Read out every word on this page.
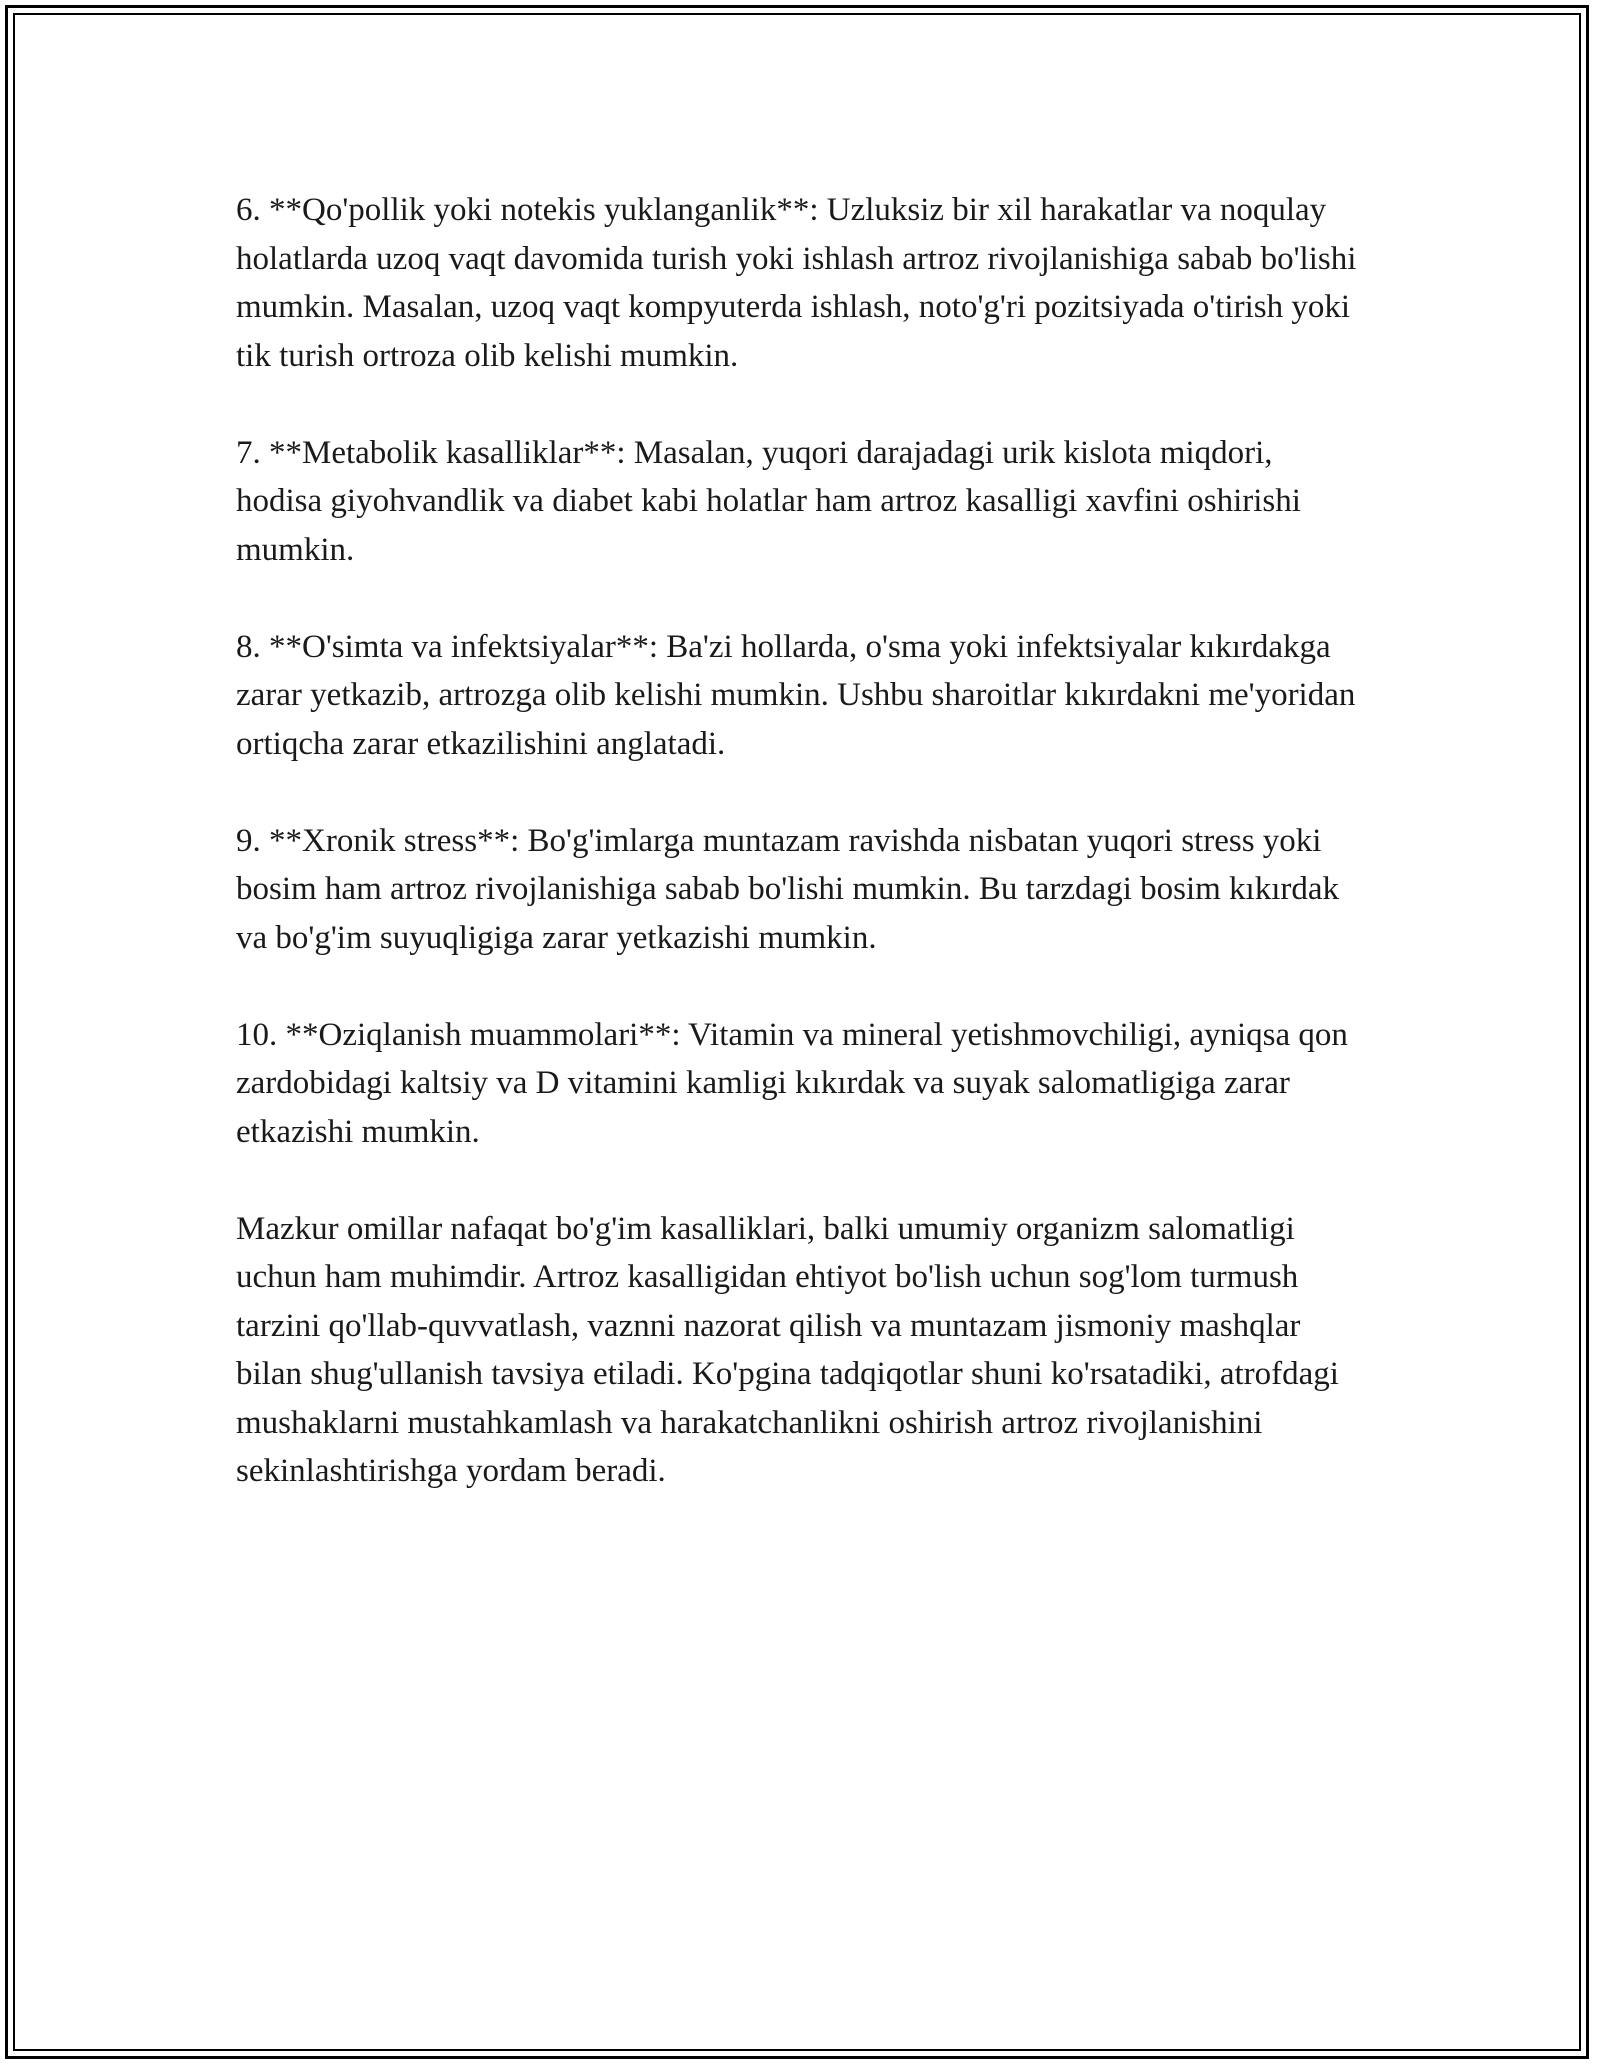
6. **Qo'pollik yoki notekis yuklanganlik**: Uzluksiz bir xil harakatlar va noqulay holatlarda uzoq vaqt davomida turish yoki ishlash artroz rivojlanishiga sabab bo'lishi mumkin. Masalan, uzoq vaqt kompyuterda ishlash, noto'g'ri pozitsiyada o'tirish yoki tik turish ortroza olib kelishi mumkin.

7. **Metabolik kasalliklar**: Masalan, yuqori darajadagi urik kislota miqdori, hodisa giyohvandlik va diabet kabi holatlar ham artroz kasalligi xavfini oshirishi mumkin.

8. **O'simta va infektsiyalar**: Ba'zi hollarda, o'sma yoki infektsiyalar kıkırdakga zarar yetkazib, artrozga olib kelishi mumkin. Ushbu sharoitlar kıkırdakni me'yoridan ortiqcha zarar etkazilishini anglatadi.

9. **Xronik stress**: Bo'g'imlarga muntazam ravishda nisbatan yuqori stress yoki bosim ham artroz rivojlanishiga sabab bo'lishi mumkin. Bu tarzdagi bosim kıkırdak va bo'g'im suyuqligiga zarar yetkazishi mumkin.

10. **Oziqlanish muammolari**: Vitamin va mineral yetishmovchiligi, ayniqsa qon zardobidagi kaltsiy va D vitamini kamligi kıkırdak va suyak salomatligiga zarar etkazishi mumkin.

Mazkur omillar nafaqat bo'g'im kasalliklari, balki umumiy organizm salomatligi uchun ham muhimdir. Artroz kasalligidan ehtiyot bo'lish uchun sog'lom turmush tarzini qo'llab-quvvatlash, vaznni nazorat qilish va muntazam jismoniy mashqlar bilan shug'ullanish tavsiya etiladi. Ko'pgina tadqiqotlar shuni ko'rsatadiki, atrofdagi mushaklarni mustahkamlash va harakatchanlikni oshirish artroz rivojlanishini sekinlashtirishga yordam beradi.
